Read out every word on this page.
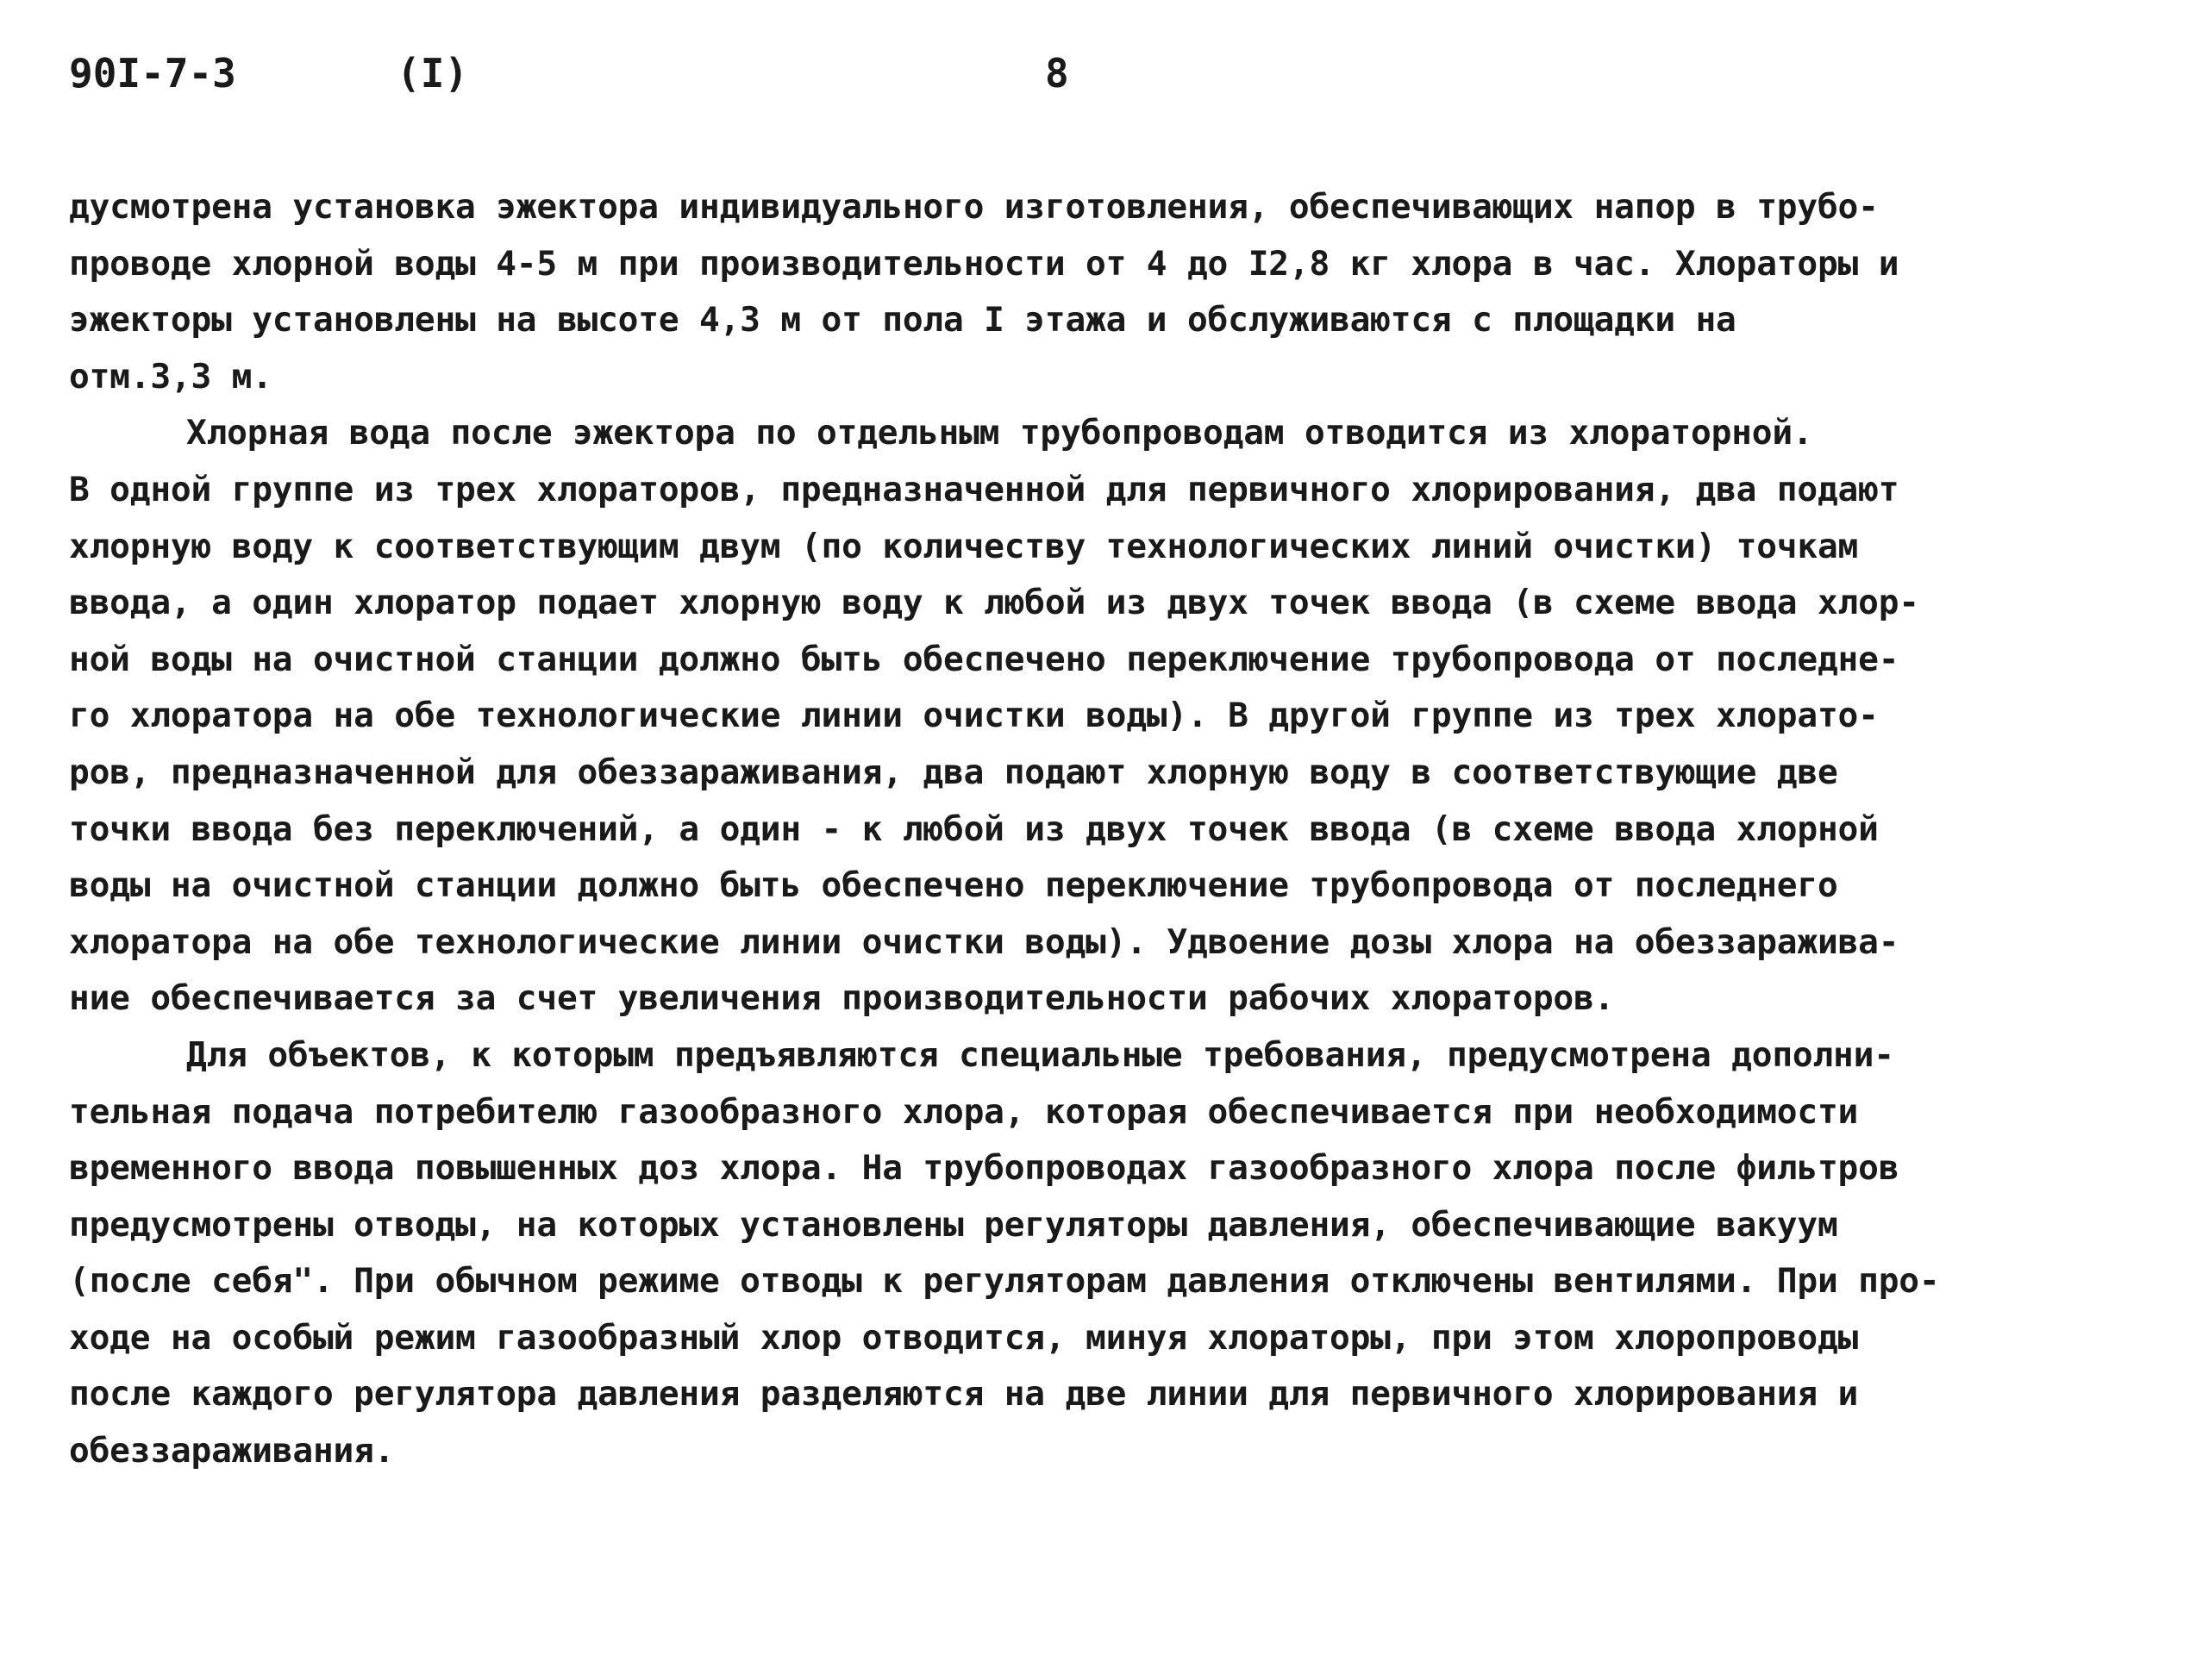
90I-7-3	(I)	8
дусмотрена установка эжектора индивидуального изготовления, обеспечивающих напор в трубо-
проводе хлорной воды 4-5 м при производительности от 4 до I2,8 кг хлора в час. Хлораторы и
эжекторы установлены на высоте 4,3 м от пола I этажа и обслуживаются с площадки на
отм.3,3 м.
Хлорная вода после эжектора по отдельным трубопроводам отводится из хлораторной.
В одной группе из трех хлораторов, предназначенной для первичного хлорирования, два подают
хлорную воду к соответствующим двум (по количеству технологических линий очистки) точкам
ввода, а один хлоратор подает хлорную воду к любой из двух точек ввода (в схеме ввода хлор-
ной воды на очистной станции должно быть обеспечено переключение трубопровода от последне-
го хлоратора на обе технологические линии очистки воды). В другой группе из трех хлорато-
ров, предназначенной для обеззараживания, два подают хлорную воду в соответствующие две
точки ввода без переключений, а один - к любой из двух точек ввода (в схеме ввода хлорной
воды на очистной станции должно быть обеспечено переключение трубопровода от последнего
хлоратора на обе технологические линии очистки воды). Удвоение дозы хлора на обеззаражива-
ние обеспечивается за счет увеличения производительности рабочих хлораторов.
Для объектов, к которым предъявляются специальные требования, предусмотрена дополни-
тельная подача потребителю газообразного хлора, которая обеспечивается при необходимости
временного ввода повышенных доз хлора. На трубопроводах газообразного хлора после фильтров
предусмотрены отводы, на которых установлены регуляторы давления, обеспечивающие вакуум
(после себя". При обычном режиме отводы к регуляторам давления отключены вентилями. При про-
ходе на особый режим газообразный хлор отводится, минуя хлораторы, при этом хлоропроводы
после каждого регулятора давления разделяются на две линии для первичного хлорирования и
обеззараживания.
